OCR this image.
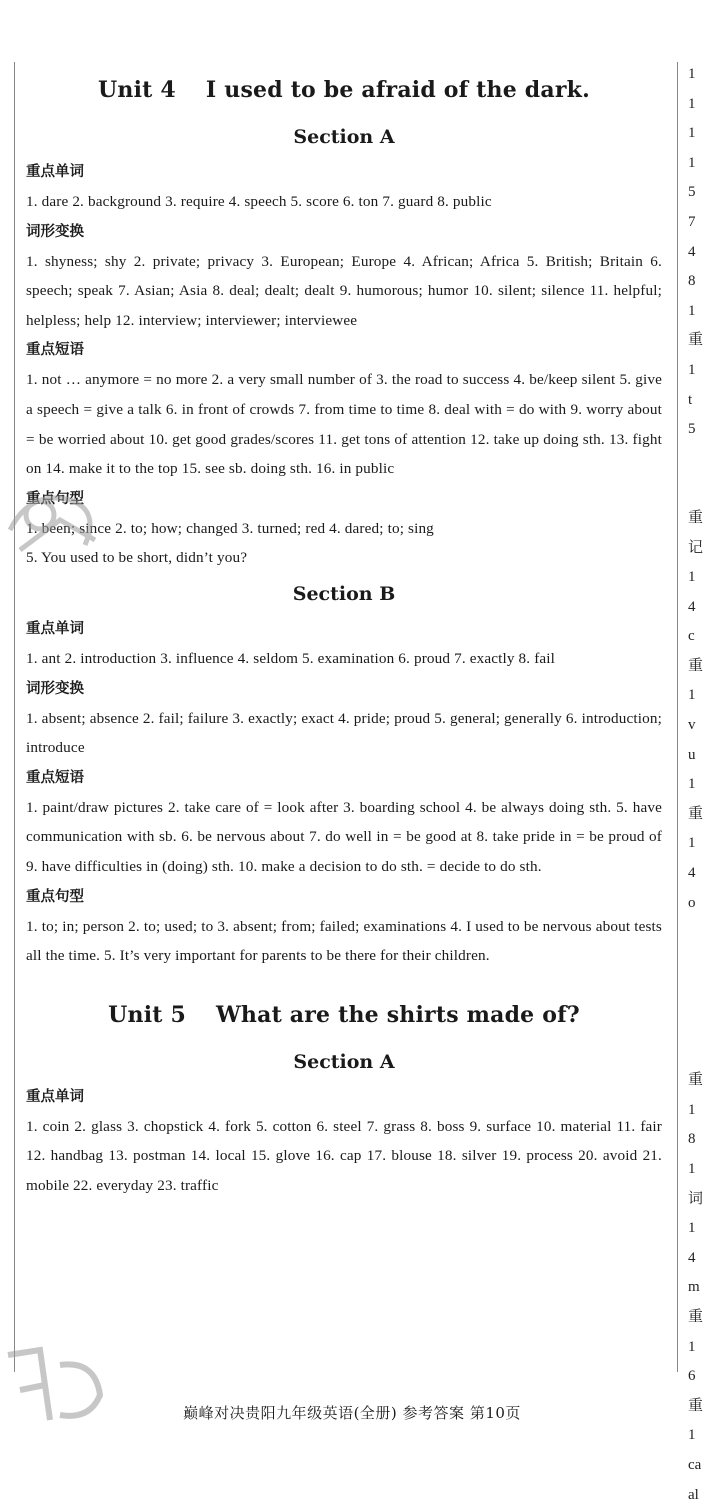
Unit 4 I used to be afraid of the dark.
Section A
重点单词
1. dare 2. background 3. require 4. speech 5. score 6. ton 7. guard 8. public
词形变换
1. shyness; shy 2. private; privacy 3. European; Europe 4. African; Africa 5. British; Britain 6. speech; speak 7. Asian; Asia 8. deal; dealt; dealt 9. humorous; humor 10. silent; silence 11. helpful; helpless; help 12. interview; interviewer; interviewee
重点短语
1. not … anymore = no more 2. a very small number of 3. the road to success 4. be/keep silent 5. give a speech = give a talk 6. in front of crowds 7. from time to time 8. deal with = do with 9. worry about = be worried about 10. get good grades/scores 11. get tons of attention 12. take up doing sth. 13. fight on 14. make it to the top 15. see sb. doing sth. 16. in public
重点句型
1. been; since 2. to; how; changed 3. turned; red 4. dared; to; sing
5. You used to be short, didn’t you?
Section B
重点单词
1. ant 2. introduction 3. influence 4. seldom 5. examination 6. proud 7. exactly 8. fail
词形变换
1. absent; absence 2. fail; failure 3. exactly; exact 4. pride; proud 5. general; generally 6. introduction; introduce
重点短语
1. paint/draw pictures 2. take care of = look after 3. boarding school 4. be always doing sth. 5. have communication with sb. 6. be nervous about 7. do well in = be good at 8. take pride in = be proud of 9. have difficulties in (doing) sth. 10. make a decision to do sth. = decide to do sth.
重点句型
1. to; in; person 2. to; used; to 3. absent; from; failed; examinations 4. I used to be nervous about tests all the time. 5. It’s very important for parents to be there for their children.
Unit 5 What are the shirts made of?
Section A
重点单词
1. coin 2. glass 3. chopstick 4. fork 5. cotton 6. steel 7. grass 8. boss 9. surface 10. material 11. fair 12. handbag 13. postman 14. local 15. glove 16. cap 17. blouse 18. silver 19. process 20. avoid 21. mobile 22. everyday 23. traffic
1
1
1
1
5
7
4
8
1
重
1
t
5

重
记
1
4
c
重
1
v
u
1
重
1
4
o

重
1
8
1
词
1
4
m
重
1
6
重
1
ca
al
巅峰对决贵阳九年级英语(全册) 参考答案 第10页
